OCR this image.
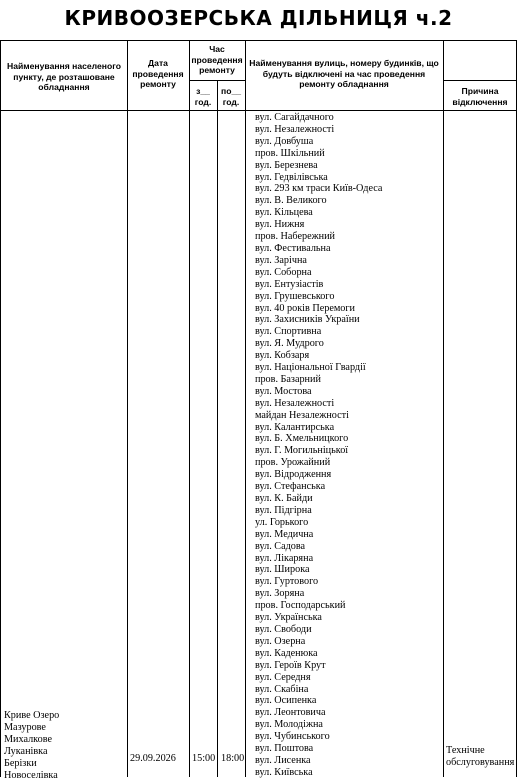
КРИВООЗЕРСЬКА ДІЛЬНИЦЯ ч.2
Найменування населеного пункту, де розташоване обладнання
Дата проведення ремонту
Час проведення ремонту
з__ год.
по__ год.
Найменування вулиць, номеру будинків, що будуть відключені на час проведення ремонту обладнання
Причина відключення
вул. Сагайдачного
вул. Незалежності
вул. Довбуша
пров. Шкільний
вул. Березнева
вул. Гедвілівська
вул. 293 км траси Київ-Одеса
вул. В. Великого
вул. Кільцева
вул. Нижня
пров. Набережний
вул. Фестивальна
вул. Зарічна
вул. Соборна
вул. Ентузіастів
вул. Грушевського
вул. 40 років Перемоги
вул. Захисників України
вул. Спортивна
вул. Я. Мудрого
вул. Кобзаря
вул. Національної Гвардії
пров. Базарний
вул. Мостова
вул. Незалежності
майдан Незалежності
вул. Калантирська
вул. Б. Хмельницкого
вул. Г. Могильніцької
пров. Урожайний
вул. Відродження
вул. Стефанська
вул. К. Байди
вул. Підгірна
ул. Горького
вул. Медична
вул. Садова
вул. Лікаряна
вул. Широка
вул. Гуртового
вул. Зоряна
пров. Господарський
вул. Українська
вул. Свободи
вул. Озерна
вул. Каденюка
вул. Героїв Крут
вул. Середня
вул. Скабіна
вул. Осипенка
вул. Леонтовича
вул. Молодіжна
вул. Чубинського
вул. Поштова
вул. Лисенка
вул. Київська
Криве Озеро
Мазурове
Михалкове
Луканівка
Берізки
Новоселівка
29.09.2026 15:00 18:00
Технічне обслуговування
